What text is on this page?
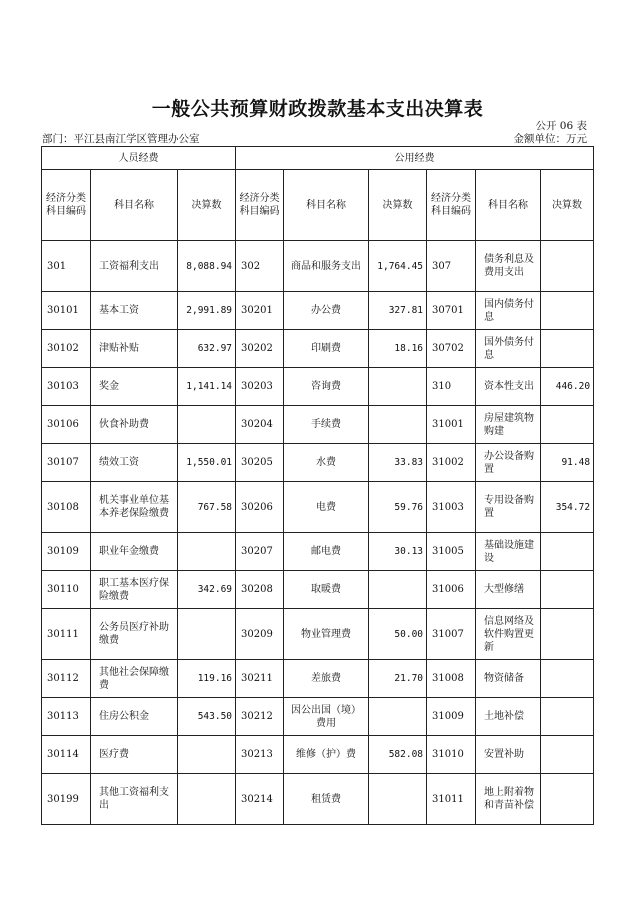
一般公共预算财政拨款基本支出决算表
公开 06 表
部门：平江县南江学区管理办公室	金额单位：万元
人员经费			公用经费					
经济分类科目编码	科目名称	决算数	经济分类科目编码	科目名称	决算数	经济分类科目编码	科目名称	决算数
301	工资福利支出	8,088.94	302	商品和服务支出	1,764.45	307	债务利息及费用支出	
30101	基本工资	2,991.89	30201	办公费	327.81	30701	国内债务付息	
30102	津贴补贴	632.97	30202	印刷费	18.16	30702	国外债务付息	
30103	奖金	1,141.14	30203	咨询费		310	资本性支出	446.20
30106	伙食补助费		30204	手续费		31001	房屋建筑物购建	
30107	绩效工资	1,550.01	30205	水费	33.83	31002	办公设备购置	91.48
30108	机关事业单位基本养老保险缴费	767.58	30206	电费	59.76	31003	专用设备购置	354.72
30109	职业年金缴费		30207	邮电费	30.13	31005	基础设施建设	
30110	职工基本医疗保险缴费	342.69	30208	取暖费		31006	大型修缮	
30111	公务员医疗补助缴费		30209	物业管理费	50.00	31007	信息网络及软件购置更新	
30112	其他社会保障缴费	119.16	30211	差旅费	21.70	31008	物资储备	
30113	住房公积金	543.50	30212	因公出国（境）费用		31009	土地补偿	
30114	医疗费		30213	维修（护）费	582.08	31010	安置补助	
30199	其他工资福利支出		30214	租赁费		31011	地上附着物和青苗补偿	
